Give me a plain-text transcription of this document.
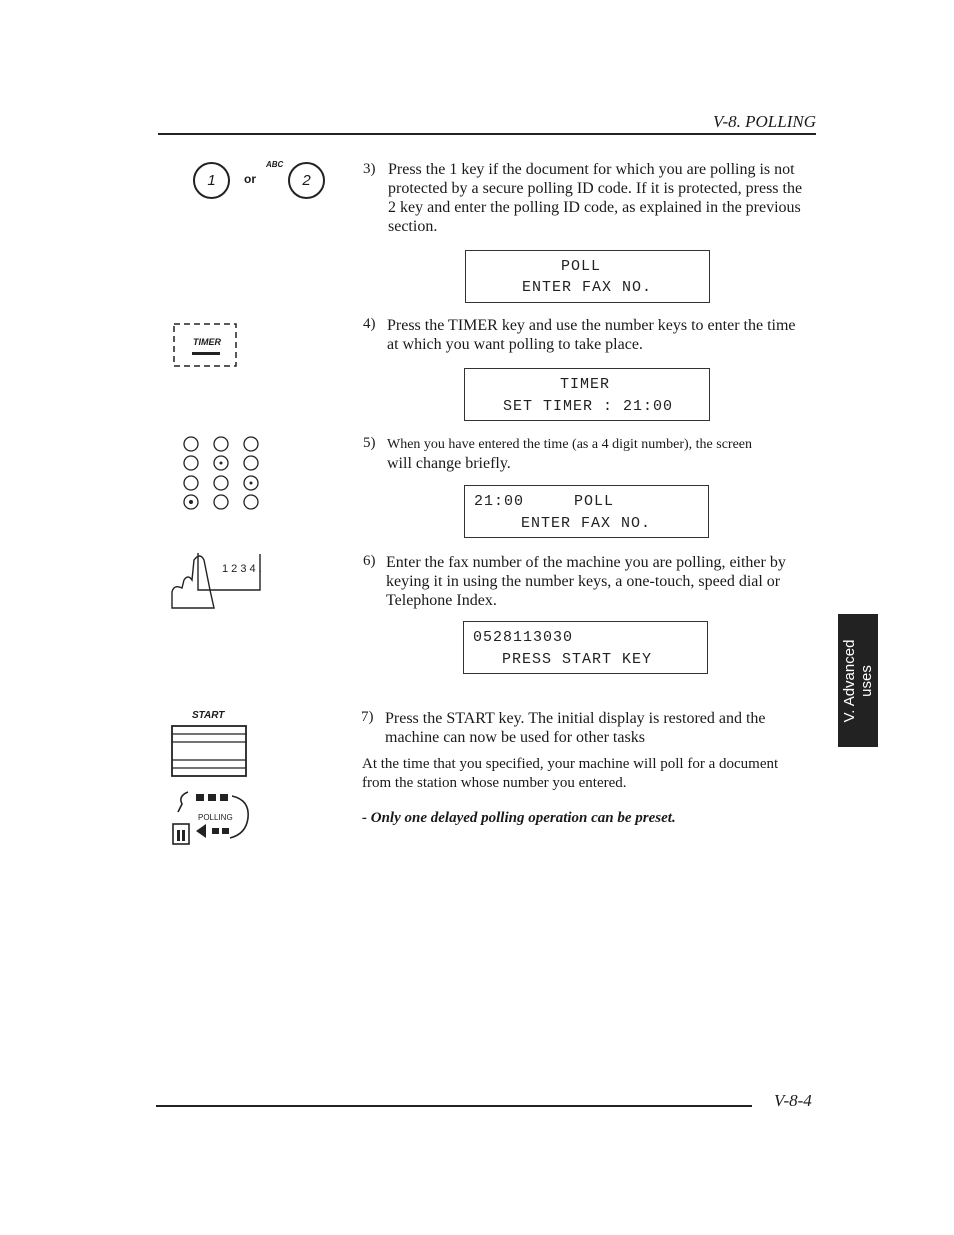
V-8. POLLING
1 or
ABC
2
3) Press the 1 key if the document for which you are polling is not
protected by a secure polling ID code. If it is protected, press the
2 key and enter the polling ID code, as explained in the previous
section.
POLL
ENTER FAX NO.
TIMER
4) Press the TIMER key and use the number keys to enter the time
at which you want polling to take place.
TIMER
SET TIMER : 21:00
5) When you have entered the time (as a 4 digit number), the screen
will change briefly.
21:00     POLL
ENTER FAX NO.
1 2 3 4 .	6) Enter the fax number of the machine you are polling, either by
keying it in using the number keys, a one-touch, speed dial or
Telephone Index.
0528113030
PRESS START KEY	V. Advanced uses
START	7) Press the START key. The initial display is restored and the
machine can now be used for other tasks
At the time that you specified, your machine will poll for a document
from the station whose number you entered.
POLLING	- Only one delayed polling operation can be preset.
V-8-4
